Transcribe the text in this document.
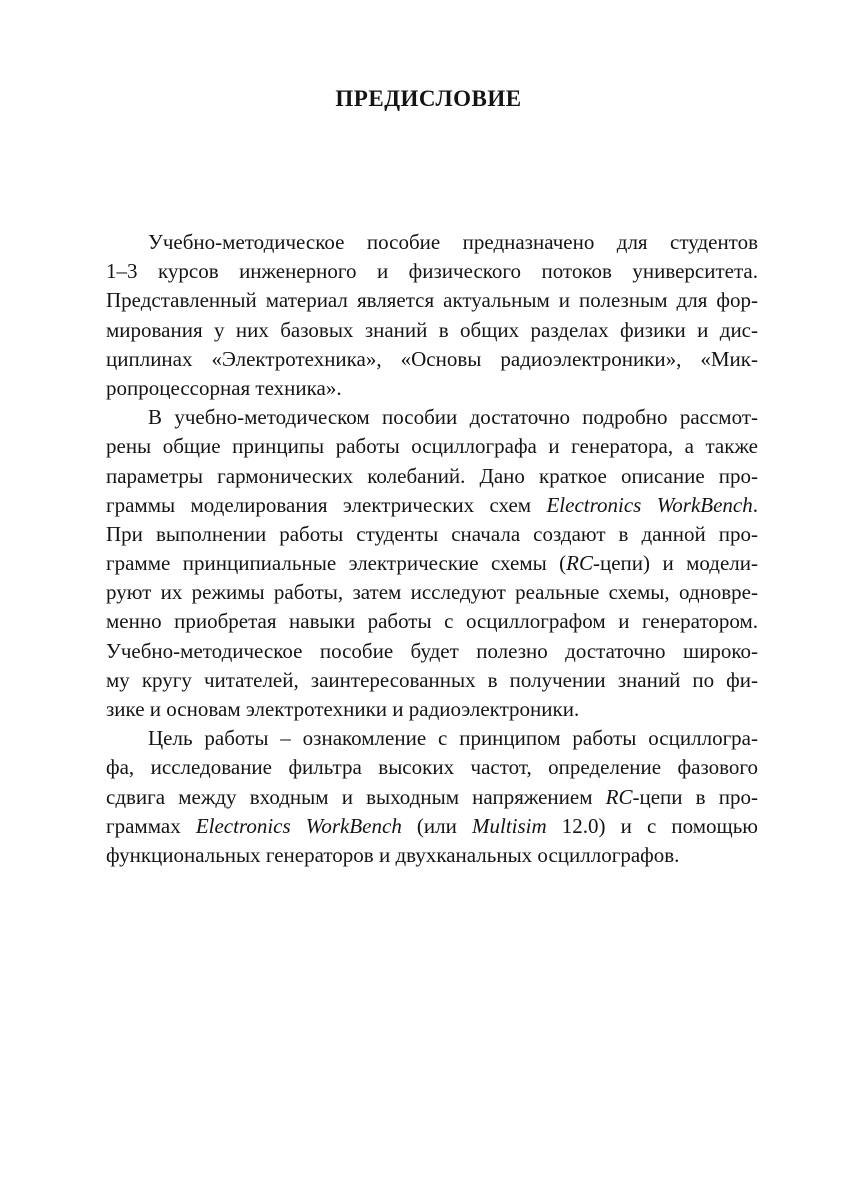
ПРЕДИСЛОВИЕ
Учебно-методическое пособие предназначено для студентов
1–3 курсов инженерного и физического потоков университета.
Представленный материал является актуальным и полезным для фор-
мирования у них базовых знаний в общих разделах физики и дис-
циплинах «Электротехника», «Основы радиоэлектроники», «Мик-
ропроцессорная техника».
В учебно-методическом пособии достаточно подробно рассмот-
рены общие принципы работы осциллографа и генератора, а также
параметры гармонических колебаний. Дано краткое описание про-
граммы моделирования электрических схем Electronics WorkBench.
При выполнении работы студенты сначала создают в данной про-
грамме принципиальные электрические схемы (RC-цепи) и модели-
руют их режимы работы, затем исследуют реальные схемы, одновре-
менно приобретая навыки работы с осциллографом и генератором.
Учебно-методическое пособие будет полезно достаточно широко-
му кругу читателей, заинтересованных в получении знаний по фи-
зике и основам электротехники и радиоэлектроники.
Цель работы – ознакомление с принципом работы осциллогра-
фа, исследование фильтра высоких частот, определение фазового
сдвига между входным и выходным напряжением RC-цепи в про-
граммах Electronics WorkBench (или Multisim 12.0) и с помощью
функциональных генераторов и двухканальных осциллографов.
